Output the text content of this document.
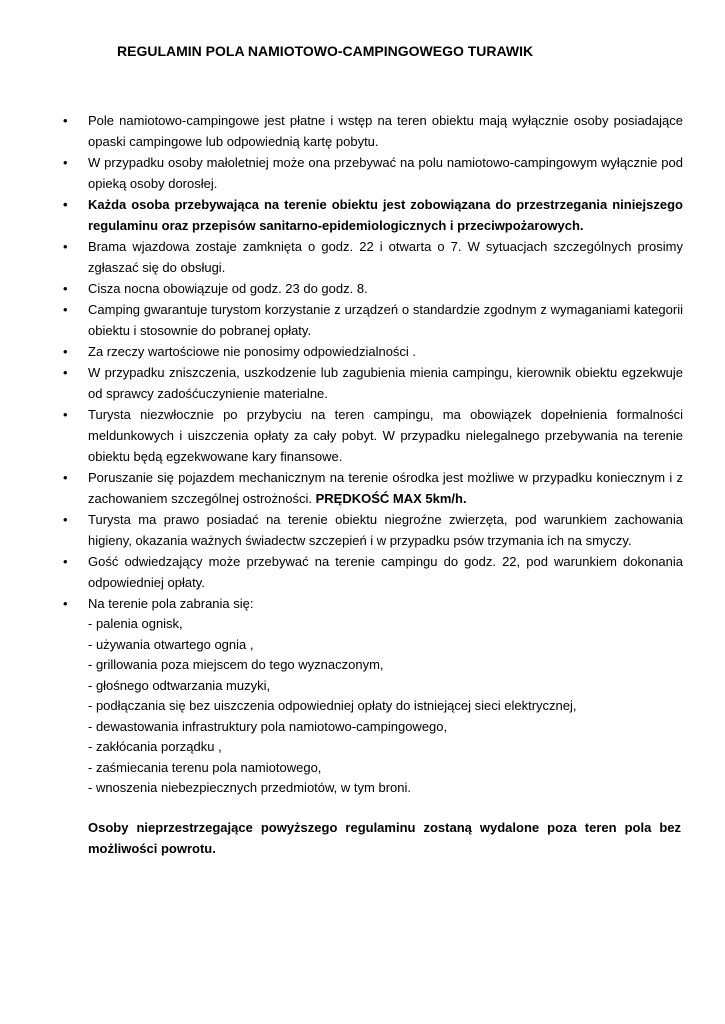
REGULAMIN POLA NAMIOTOWO-CAMPINGOWEGO TURAWIK
•	Pole namiotowo-campingowe jest płatne i wstęp na teren obiektu mają wyłącznie osoby posiadające opaski campingowe lub odpowiednią kartę pobytu.
•	W przypadku osoby małoletniej może ona przebywać na polu namiotowo-campingowym wyłącznie pod opieką osoby dorosłej.
•	Każda osoba przebywająca na terenie obiektu jest zobowiązana do przestrzegania niniejszego regulaminu oraz przepisów sanitarno-epidemiologicznych i przeciwpożarowych.
•	Brama wjazdowa zostaje zamknięta o godz. 22 i otwarta o 7. W sytuacjach szczególnych prosimy zgłaszać się do obsługi.
•	Cisza nocna obowiązuje od godz. 23 do godz. 8.
•	Camping gwarantuje turystom korzystanie z urządzeń o standardzie zgodnym z wymaganiami kategorii obiektu i stosownie do pobranej opłaty.
•	Za rzeczy wartościowe nie ponosimy odpowiedzialności .
•	W przypadku zniszczenia, uszkodzenie lub zagubienia mienia campingu, kierownik obiektu egzekwuje od sprawcy zadośćuczynienie materialne.
•	Turysta niezwłocznie po przybyciu na teren campingu, ma obowiązek dopełnienia formalności meldunkowych i uiszczenia opłaty za cały pobyt. W przypadku nielegalnego przebywania na terenie obiektu będą egzekwowane kary finansowe.
•	Poruszanie się pojazdem mechanicznym na terenie ośrodka jest możliwe w przypadku koniecznym i z zachowaniem szczególnej ostrożności. PRĘDKOŚĆ MAX 5km/h.
•	Turysta ma prawo posiadać na terenie obiektu niegroźne zwierzęta, pod warunkiem zachowania higieny, okazania ważnych świadectw szczepień i w przypadku psów trzymania ich na smyczy.
•	Gość odwiedzający może przebywać na terenie campingu do godz. 22, pod warunkiem dokonania odpowiedniej opłaty.
•	Na terenie pola zabrania się:
- palenia ognisk,
- używania otwartego ognia ,
- grillowania poza miejscem do tego wyznaczonym,
- głośnego odtwarzania muzyki,
- podłączania się bez uiszczenia odpowiedniej opłaty do istniejącej sieci elektrycznej,
- dewastowania infrastruktury pola namiotowo-campingowego,
- zakłócania porządku ,
- zaśmiecania terenu pola namiotowego,
- wnoszenia niebezpiecznych przedmiotów, w tym broni.
Osoby nieprzestrzegające powyższego regulaminu zostaną wydalone poza teren pola bez możliwości powrotu.
